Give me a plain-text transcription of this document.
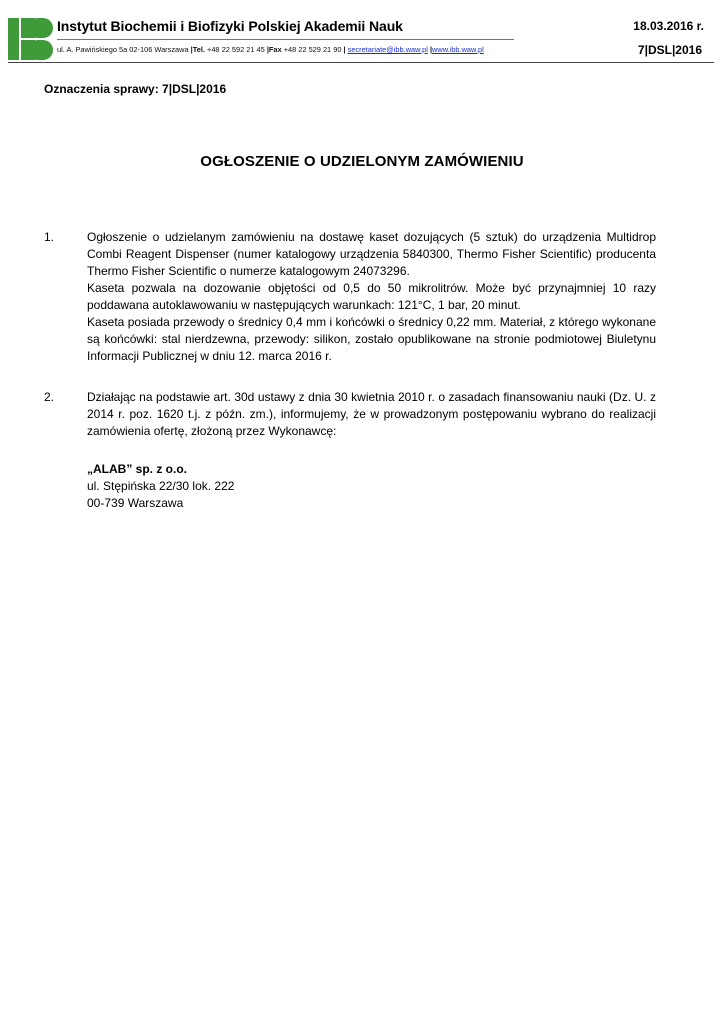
Instytut Biochemii i Biofizyki Polskiej Akademii Nauk	18.03.2016 r.
ul. A. Pawińskiego 5a 02-106 Warszawa |Tel. +48 22 592 21 45 |Fax +48 22 529 21 90 | secretariate@ibb.waw.pl |www.ibb.waw.pl	7|DSL|2016
Oznaczenia sprawy: 7|DSL|2016
OGŁOSZENIE O UDZIELONYM ZAMÓWIENIU
1.	Ogłoszenie o udzielanym zamówieniu na dostawę kaset dozujących (5 sztuk) do urządzenia Multidrop Combi Reagent Dispenser (numer katalogowy urządzenia 5840300, Thermo Fisher Scientific) producenta Thermo Fisher Scientific o numerze katalogowym 24073296.

Kaseta pozwala na dozowanie objętości od 0,5 do 50 mikrolitrów. Może być przynajmniej 10 razy poddawana autoklawowaniu w następujących warunkach: 121°C, 1 bar, 20 minut.

Kaseta posiada przewody o średnicy 0,4 mm i końcówki o średnicy 0,22 mm. Materiał, z którego wykonane są końcówki: stal nierdzewna, przewody: silikon, zostało opublikowane na stronie podmiotowej Biuletynu Informacji Publicznej w dniu 12. marca 2016 r.

2.	Działając na podstawie art. 30d ustawy z dnia 30 kwietnia 2010 r. o zasadach finansowaniu nauki (Dz. U. z 2014 r. poz. 1620 t.j. z późn. zm.), informujemy, że w prowadzonym postępowaniu wybrano do realizacji zamówienia ofertę, złożoną przez Wykonawcę:

„ALAB” sp. z o.o.
ul. Stępińska 22/30 lok. 222
00-739 Warszawa
